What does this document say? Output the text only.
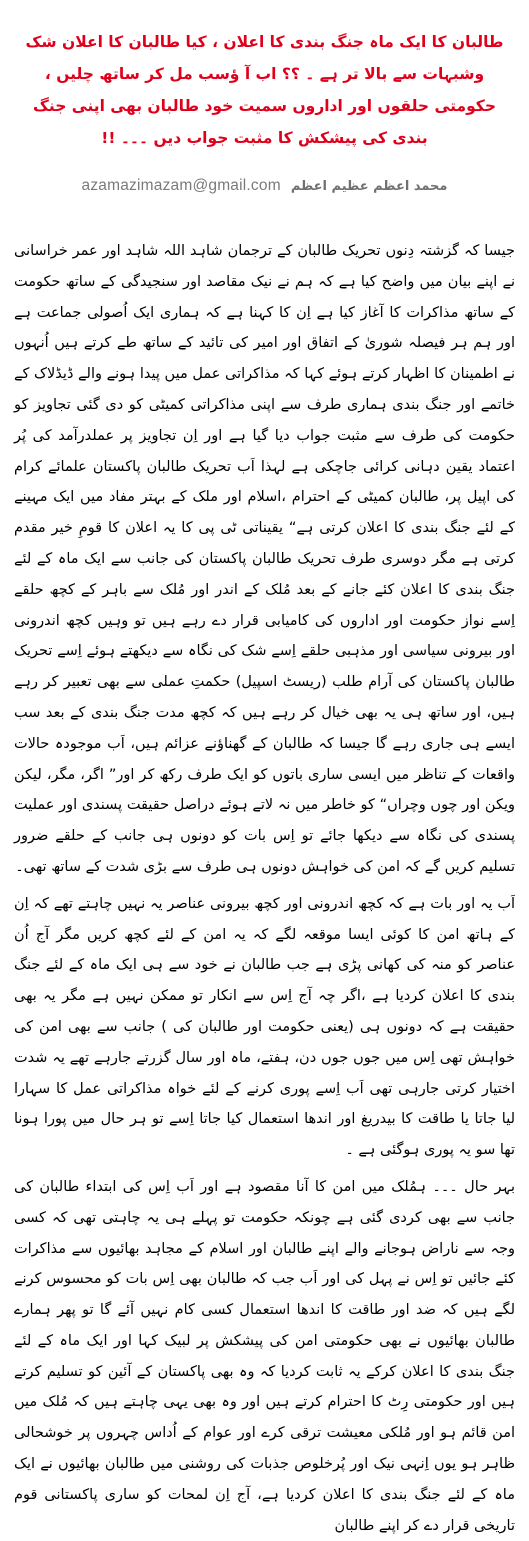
طالبان کا ایک ماہ جنگ بندی کا اعلان ، کیا طالبان کا اعلان شک وشبہات سے بالا تر ہے ۔ ؟؟ اب آ ؤسب مل کر ساتھ چلیں ، حکومتی حلقوں اور اداروں سمیت خود طالبان بھی اپنی جنگ بندی کی پیشکش کا مثبت جواب دیں ۔۔۔ !!
azamazimazam@gmail.com محمد اعظم عظیم اعظم

جیسا کہ گزشتہ دِنوں تحریک طالبان کے ترجمان شاہد اللہ شاہد اور عمر خراسانی نے اپنے بیان میں واضح کیا ہے کہ ہم نے نیک مقاصد اور سنجیدگی کے ساتھ حکومت کے ساتھ مذاکرات کا آغاز کیا ہے اِن کا کہنا ہے کہ ہماری ایک اُصولی جماعت ہے اور ہم ہر فیصلہ شوریٰ کے اتفاق اور امیر کی تائید کے ساتھ طے کرتے ہیں اُنہوں نے اطمینان کا اظہار کرتے ہوئے کہا کہ مذاکراتی عمل میں پیدا ہونے والے ڈیڈلاک کے خاتمے اور جنگ بندی ہماری طرف سے اپنی مذاکراتی کمیٹی کو دی گئی تجاویز کو حکومت کی طرف سے مثبت جواب دیا گیا ہے اور اِن تجاویز پر عملدرآمد کی پُر اعتماد یقین دہانی کرائی جاچکی ہے لہذا اَب تحریک طالبان پاکستان علمائے کرام کی اپیل پر، طالبان کمیٹی کے احترام ،اسلام اور ملک کے بہتر مفاد میں ایک مہینے کے لئے جنگ بندی کا اعلان کرتی ہے“ یقیناتی ٹی پی کا یہ اعلان کا قومِ خیر مقدم کرتی ہے مگر دوسری طرف تحریک طالبان پاکستان کی جانب سے ایک ماہ کے لئے جنگ بندی کا اعلان کئے جانے کے بعد مُلک کے اندر اور مُلک سے باہر کے کچھ حلقے اِسے نواز حکومت اور اداروں کی کامیابی قرار دے رہے ہیں تو وہیں کچھ اندرونی اور بیرونی سیاسی اور مذہبی حلقے اِسے شک کی نگاہ سے دیکھتے ہوئے اِسے تحریک طالبان پاکستان کی آرام طلب (ریسٹ اسپیل) حکمتِ عملی سے بھی تعبیر کر رہے ہیں، اور ساتھ ہی یہ بھی خیال کر رہے ہیں کہ کچھ مدت جنگ بندی کے بعد سب ایسے ہی جاری رہے گا جیسا کہ طالبان کے گھناؤنے عزائم ہیں، اَب موجودہ حالات واقعات کے تناظر میں ایسی ساری باتوں کو ایک طرف رکھ کر اور” اگر، مگر، لیکن ویکن اور چوں وچراں“ کو خاطر میں نہ لاتے ہوئے دراصل حقیقت پسندی اور عملیت پسندی کی نگاہ سے دیکھا جائے تو اِس بات کو دونوں ہی جانب کے حلقے ضرور تسلیم کریں گے کہ امن کی خواہش دونوں ہی طرف سے بڑی شدت کے ساتھ تھی۔

اَب یہ اور بات ہے کہ کچھ اندرونی اور کچھ بیرونی عناصر یہ نہیں چاہتے تھے کہ اِن کے ہاتھ امن کا کوئی ایسا موقعہ لگے کہ یہ امن کے لئے کچھ کریں مگر آج اُن عناصر کو منہ کی کھانی پڑی ہے جب طالبان نے خود سے ہی ایک ماہ کے لئے جنگ بندی کا اعلان کردیا ہے ،اگر چہ آج اِس سے انکار تو ممکن نہیں ہے مگر یہ بھی حقیقت ہے کہ دونوں ہی (یعنی حکومت اور طالبان کی ) جانب سے بھی امن کی خواہش تھی اِس میں جوں جوں دن، ہفتے، ماہ اور سال گزرتے جارہے تھے یہ شدت اختیار کرتی جارہی تھی اَب اِسے پوری کرنے کے لئے خواہ مذاکراتی عمل کا سہارا لیا جاتا یا طاقت کا بیدریغ اور اندھا استعمال کیا جاتا اِسے تو ہر حال میں پورا ہونا تھا سو یہ پوری ہوگئی ہے ۔

بہر حال ۔۔۔ ہمُلک میں امن کا آنا مقصود ہے اور اَب اِس کی ابتداء طالبان کی جانب سے بھی کردی گئی ہے چونکہ حکومت تو پہلے ہی یہ چاہتی تھی کہ کسی وجہ سے ناراض ہوجانے والے اپنے طالبان اور اسلام کے مجاہد بھائیوں سے مذاکرات کئے جائیں تو اِس نے پہل کی اور اَب جب کہ طالبان بھی اِس بات کو محسوس کرنے لگے ہیں کہ ضد اور طاقت کا اندھا استعمال کسی کام نہیں آئے گا تو پھر ہمارے طالبان بھائیوں نے بھی حکومتی امن کی پیشکش پر لبیک کہا اور ایک ماہ کے لئے جنگ بندی کا اعلان کرکے یہ ثابت کردیا کہ وہ بھی پاکستان کے آئین کو تسلیم کرتے ہیں اور حکومتی رِٹ کا احترام کرتے ہیں اور وہ بھی یہی چاہتے ہیں کہ مُلک میں امن قائم ہو اور مُلکی معیشت ترقی کرے اور عوام کے اُداس چہروں پر خوشحالی ظاہر ہو یوں اِنہی نیک اور پُرخلوص جذبات کی روشنی میں طالبان بھائیوں نے ایک ماہ کے لئے جنگ بندی کا اعلان کردیا ہے، آج اِن لمحات کو ساری پاکستانی قوم تاریخی قرار دے کر اپنے طالبان
